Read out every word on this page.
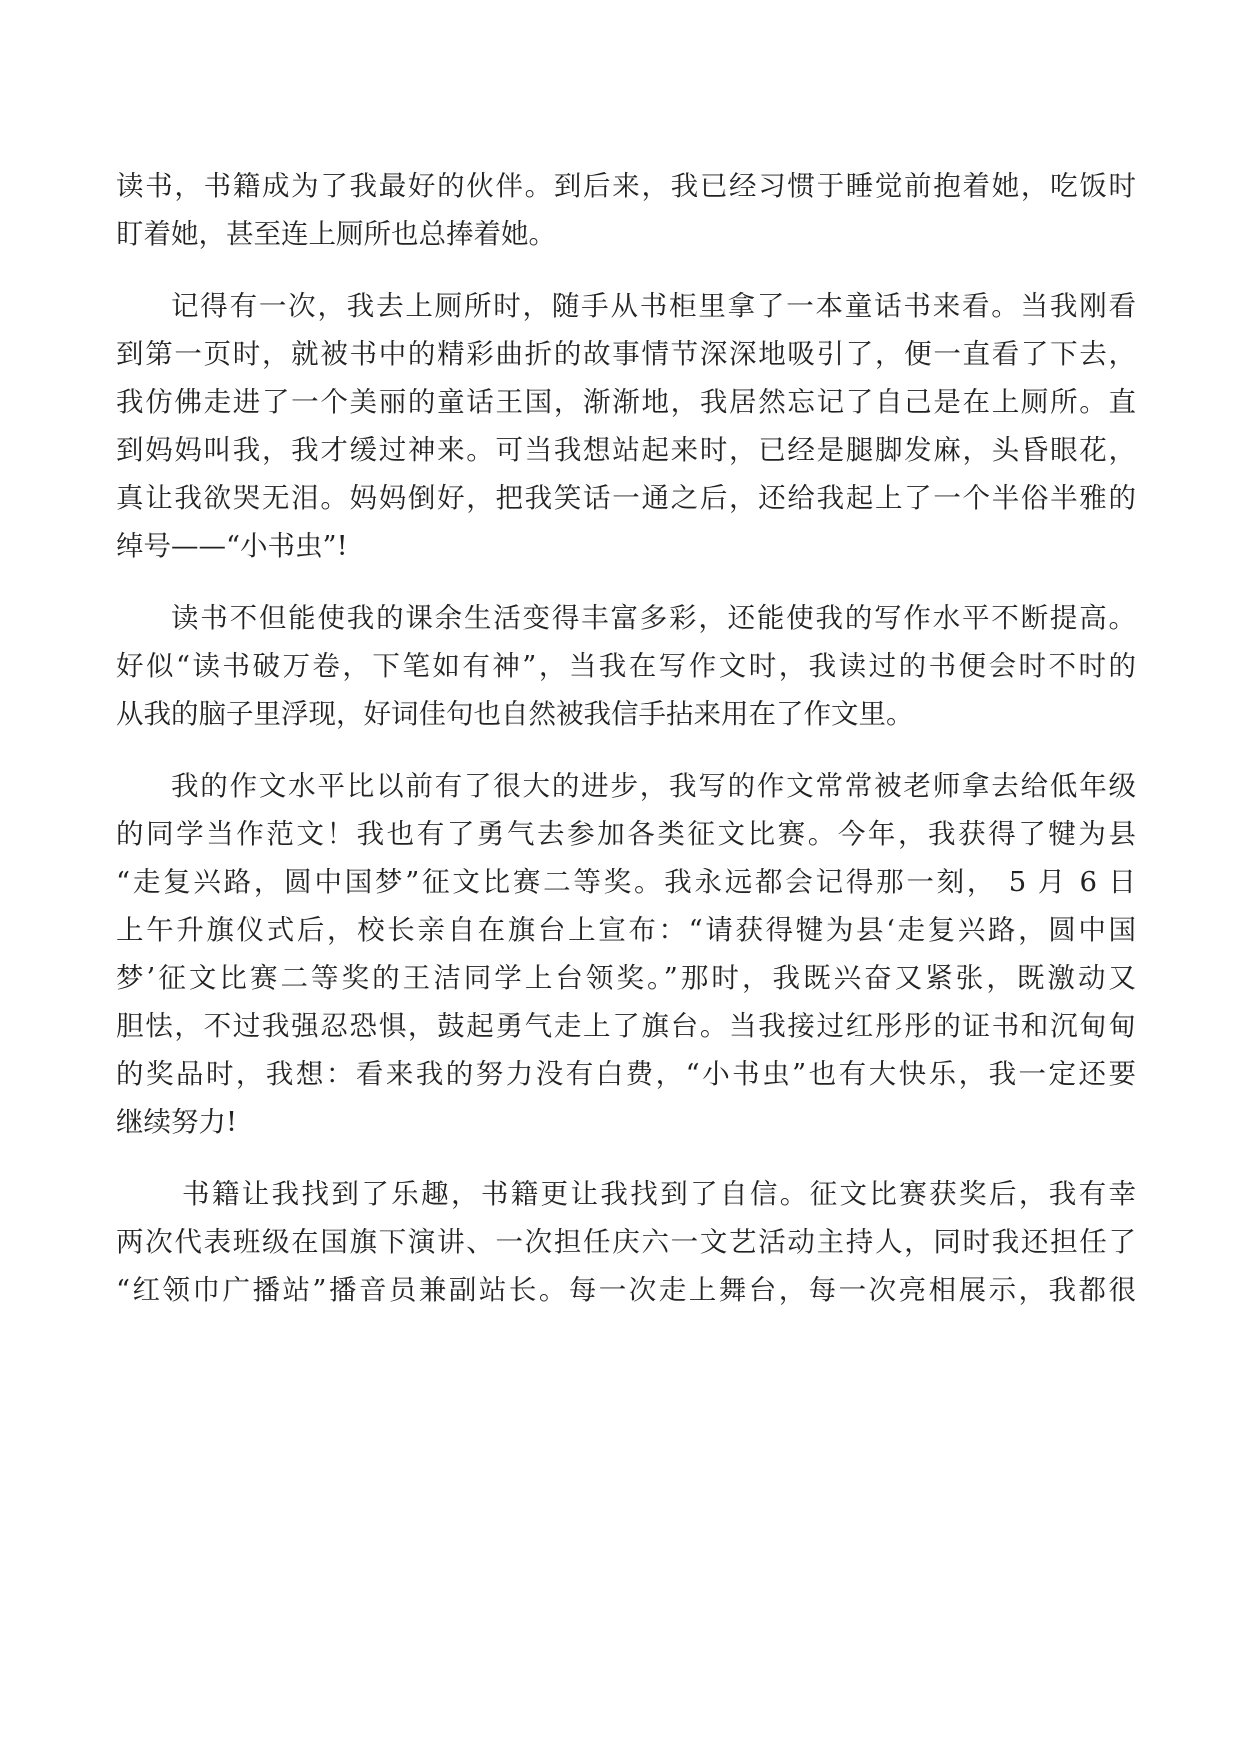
读书，书籍成为了我最好的伙伴。到后来，我已经习惯于睡觉前抱着她，吃饭时
盯着她，甚至连上厕所也总捧着她。
记得有一次，我去上厕所时，随手从书柜里拿了一本童话书来看。当我刚看
到第一页时，就被书中的精彩曲折的故事情节深深地吸引了，便一直看了下去，
我仿佛走进了一个美丽的童话王国，渐渐地，我居然忘记了自己是在上厕所。直
到妈妈叫我，我才缓过神来。可当我想站起来时，已经是腿脚发麻，头昏眼花，
真让我欲哭无泪。妈妈倒好，把我笑话一通之后，还给我起上了一个半俗半雅的
绰号——“小书虫”!
读书不但能使我的课余生活变得丰富多彩，还能使我的写作水平不断提高。
好似“读书破万卷，下笔如有神”，当我在写作文时，我读过的书便会时不时的
从我的脑子里浮现，好词佳句也自然被我信手拈来用在了作文里。
我的作文水平比以前有了很大的进步，我写的作文常常被老师拿去给低年级
的同学当作范文！我也有了勇气去参加各类征文比赛。今年，我获得了犍为县
“走复兴路，圆中国梦”征文比赛二等奖。我永远都会记得那一刻， 5 月 6 日
上午升旗仪式后，校长亲自在旗台上宣布：“请获得犍为县‘走复兴路，圆中国
梦’征文比赛二等奖的王洁同学上台领奖。”那时，我既兴奋又紧张，既激动又
胆怯，不过我强忍恐惧，鼓起勇气走上了旗台。当我接过红彤彤的证书和沉甸甸
的奖品时，我想：看来我的努力没有白费，“小书虫”也有大快乐，我一定还要
继续努力!
书籍让我找到了乐趣，书籍更让我找到了自信。征文比赛获奖后，我有幸
两次代表班级在国旗下演讲、一次担任庆六一文艺活动主持人，同时我还担任了
“红领巾广播站”播音员兼副站长。每一次走上舞台，每一次亮相展示，我都很
